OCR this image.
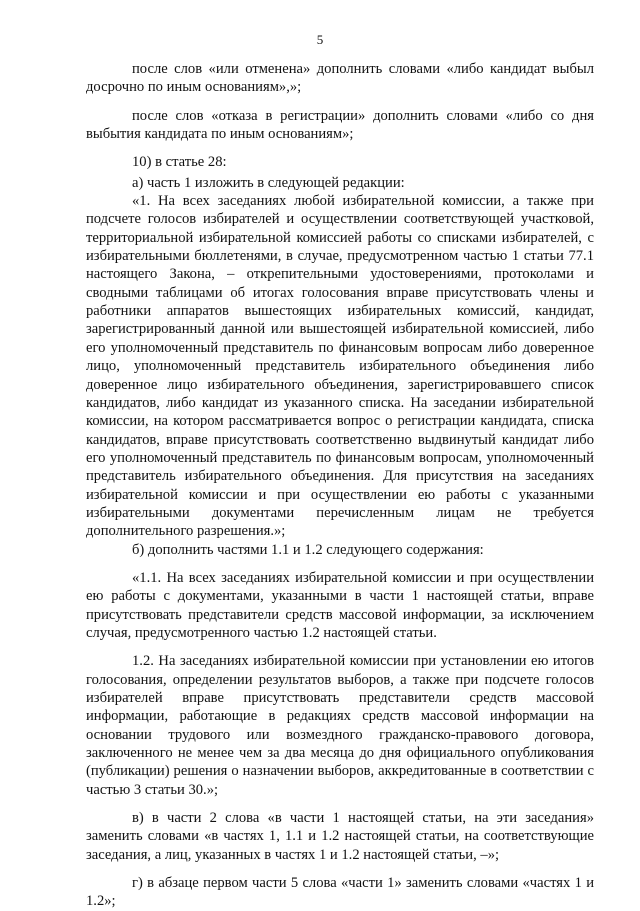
5

после слов «или отменена» дополнить словами «либо кандидат выбыл досрочно по иным основаниям»,»;

после слов «отказа в регистрации» дополнить словами «либо со дня выбытия кандидата по иным основаниям»;

10) в статье 28:

а) часть 1 изложить в следующей редакции:

«1. На всех заседаниях любой избирательной комиссии, а также при подсчете голосов избирателей и осуществлении соответствующей участковой, территориальной избирательной комиссией работы со списками избирателей, с избирательными бюллетенями, в случае, предусмотренном частью 1 статьи 77.1 настоящего Закона, – открепительными удостоверениями, протоколами и сводными таблицами об итогах голосования вправе присутствовать члены и работники аппаратов вышестоящих избирательных комиссий, кандидат, зарегистрированный данной или вышестоящей избирательной комиссией, либо его уполномоченный представитель по финансовым вопросам либо доверенное лицо, уполномоченный представитель избирательного объединения либо доверенное лицо избирательного объединения, зарегистрировавшего список кандидатов, либо кандидат из указанного списка. На заседании избирательной комиссии, на котором рассматривается вопрос о регистрации кандидата, списка кандидатов, вправе присутствовать соответственно выдвинутый кандидат либо его уполномоченный представитель по финансовым вопросам, уполномоченный представитель избирательного объединения. Для присутствия на заседаниях избирательной комиссии и при осуществлении ею работы с указанными избирательными документами перечисленным лицам не требуется дополнительного разрешения.»;

б) дополнить частями 1.1 и 1.2 следующего содержания:

«1.1. На всех заседаниях избирательной комиссии и при осуществлении ею работы с документами, указанными в части 1 настоящей статьи, вправе присутствовать представители средств массовой информации, за исключением случая, предусмотренного частью 1.2 настоящей статьи.

1.2. На заседаниях избирательной комиссии при установлении ею итогов голосования, определении результатов выборов, а также при подсчете голосов избирателей вправе присутствовать представители средств массовой информации, работающие в редакциях средств массовой информации на основании трудового или возмездного гражданско-правового договора, заключенного не менее чем за два месяца до дня официального опубликования (публикации) решения о назначении выборов, аккредитованные в соответствии с частью 3 статьи 30.»;

в) в части 2 слова «в части 1 настоящей статьи, на эти заседания» заменить словами «в частях 1, 1.1 и 1.2 настоящей статьи, на соответствующие заседания, а лиц, указанных в частях 1 и 1.2 настоящей статьи, –»;

г) в абзаце первом части 5 слова «части 1» заменить словами «частях 1 и 1.2»;
